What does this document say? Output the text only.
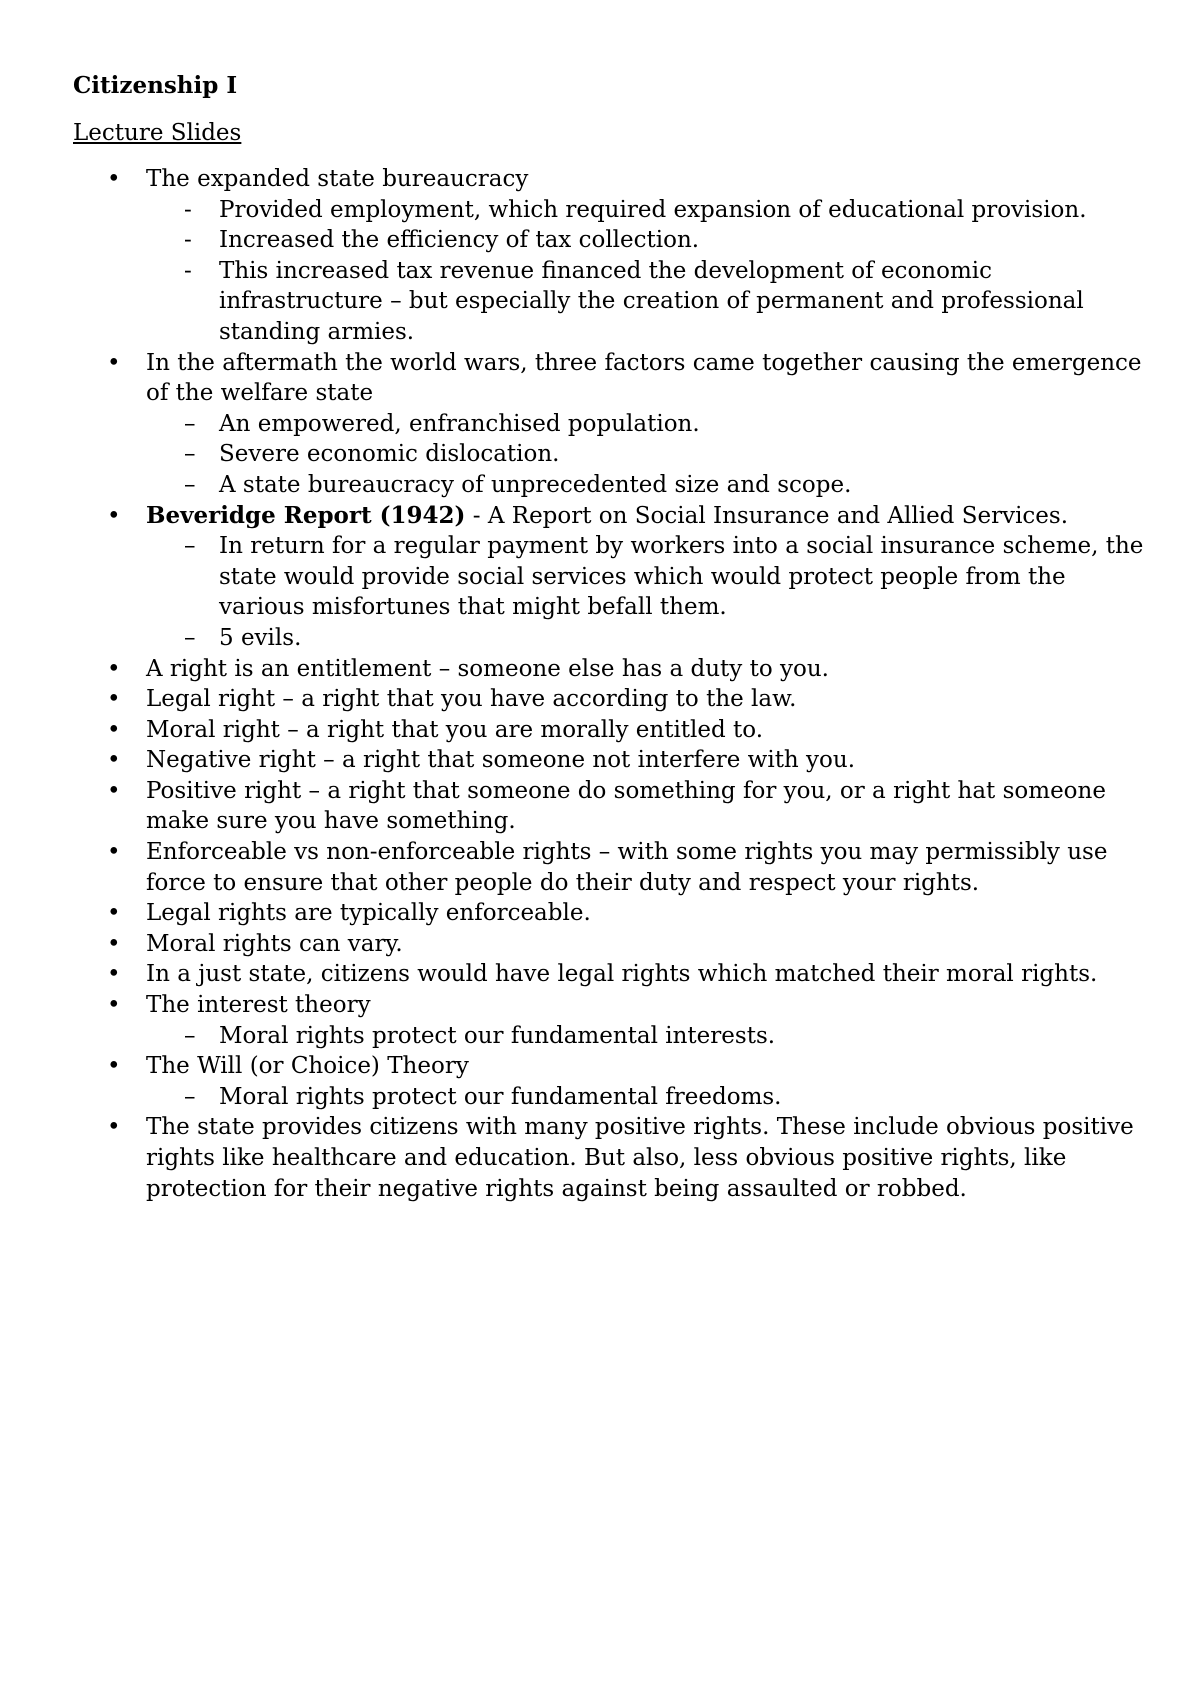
Citizenship I
Lecture Slides
• The expanded state bureaucracy
- Provided employment, which required expansion of educational provision.
- Increased the efficiency of tax collection.
- This increased tax revenue financed the development of economic infrastructure – but especially the creation of permanent and professional standing armies.
• In the aftermath the world wars, three factors came together causing the emergence of the welfare state
– An empowered, enfranchised population.
– Severe economic dislocation.
– A state bureaucracy of unprecedented size and scope.
• Beveridge Report (1942) - A Report on Social Insurance and Allied Services.
– In return for a regular payment by workers into a social insurance scheme, the state would provide social services which would protect people from the various misfortunes that might befall them.
– 5 evils.
• A right is an entitlement – someone else has a duty to you.
• Legal right – a right that you have according to the law.
• Moral right – a right that you are morally entitled to.
• Negative right – a right that someone not interfere with you.
• Positive right – a right that someone do something for you, or a right hat someone make sure you have something.
• Enforceable vs non-enforceable rights – with some rights you may permissibly use force to ensure that other people do their duty and respect your rights.
• Legal rights are typically enforceable.
• Moral rights can vary.
• In a just state, citizens would have legal rights which matched their moral rights.
• The interest theory
– Moral rights protect our fundamental interests.
• The Will (or Choice) Theory
– Moral rights protect our fundamental freedoms.
• The state provides citizens with many positive rights. These include obvious positive rights like healthcare and education. But also, less obvious positive rights, like protection for their negative rights against being assaulted or robbed.
